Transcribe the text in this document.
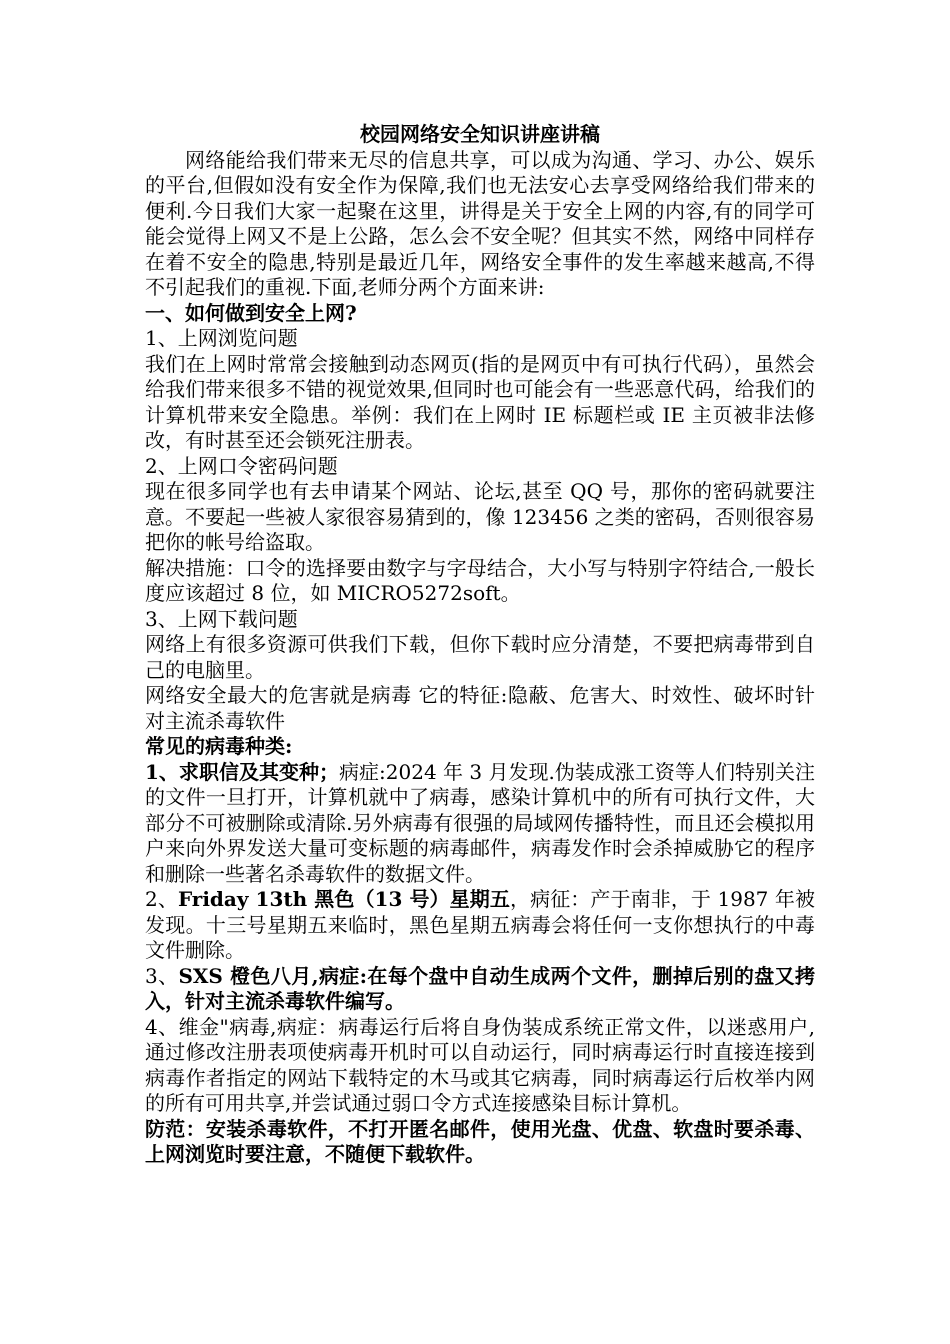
校园网络安全知识讲座讲稿

网络能给我们带来无尽的信息共享，可以成为沟通、学习、办公、娱乐的平台,但假如没有安全作为保障,我们也无法安心去享受网络给我们带来的便利.今日我们大家一起聚在这里，讲得是关于安全上网的内容,有的同学可能会觉得上网又不是上公路，怎么会不安全呢？但其实不然，网络中同样存在着不安全的隐患,特别是最近几年，网络安全事件的发生率越来越高,不得不引起我们的重视.下面,老师分两个方面来讲:

一、如何做到安全上网?

1、上网浏览问题

我们在上网时常常会接触到动态网页(指的是网页中有可执行代码），虽然会给我们带来很多不错的视觉效果,但同时也可能会有一些恶意代码，给我们的计算机带来安全隐患。举例：我们在上网时 IE 标题栏或 IE 主页被非法修改，有时甚至还会锁死注册表。

2、上网口令密码问题

现在很多同学也有去申请某个网站、论坛,甚至 QQ 号，那你的密码就要注意。不要起一些被人家很容易猜到的，像 123456 之类的密码，否则很容易把你的帐号给盗取。

解决措施：口令的选择要由数字与字母结合，大小写与特别字符结合,一般长度应该超过 8 位，如 MICRO5272soft。

3、上网下载问题

网络上有很多资源可供我们下载，但你下载时应分清楚，不要把病毒带到自己的电脑里。

网络安全最大的危害就是病毒 它的特征:隐蔽、危害大、时效性、破坏时针对主流杀毒软件

常见的病毒种类:

1、求职信及其变种；病症:2024 年 3 月发现.伪装成涨工资等人们特别关注的文件一旦打开，计算机就中了病毒，感染计算机中的所有可执行文件，大部分不可被删除或清除.另外病毒有很强的局域网传播特性，而且还会模拟用户来向外界发送大量可变标题的病毒邮件，病毒发作时会杀掉威胁它的程序和删除一些著名杀毒软件的数据文件。

2、Friday 13th 黑色（13 号）星期五，病征：产于南非，于 1987 年被发现。十三号星期五来临时，黑色星期五病毒会将任何一支你想执行的中毒文件删除。

3、SXS 橙色八月,病症:在每个盘中自动生成两个文件，删掉后别的盘又拷入，针对主流杀毒软件编写。

4、维金"病毒,病症：病毒运行后将自身伪装成系统正常文件，以迷惑用户,通过修改注册表项使病毒开机时可以自动运行，同时病毒运行时直接连接到病毒作者指定的网站下载特定的木马或其它病毒，同时病毒运行后枚举内网的所有可用共享,并尝试通过弱口令方式连接感染目标计算机。

防范：安装杀毒软件，不打开匿名邮件，使用光盘、优盘、软盘时要杀毒、上网浏览时要注意，不随便下载软件。
